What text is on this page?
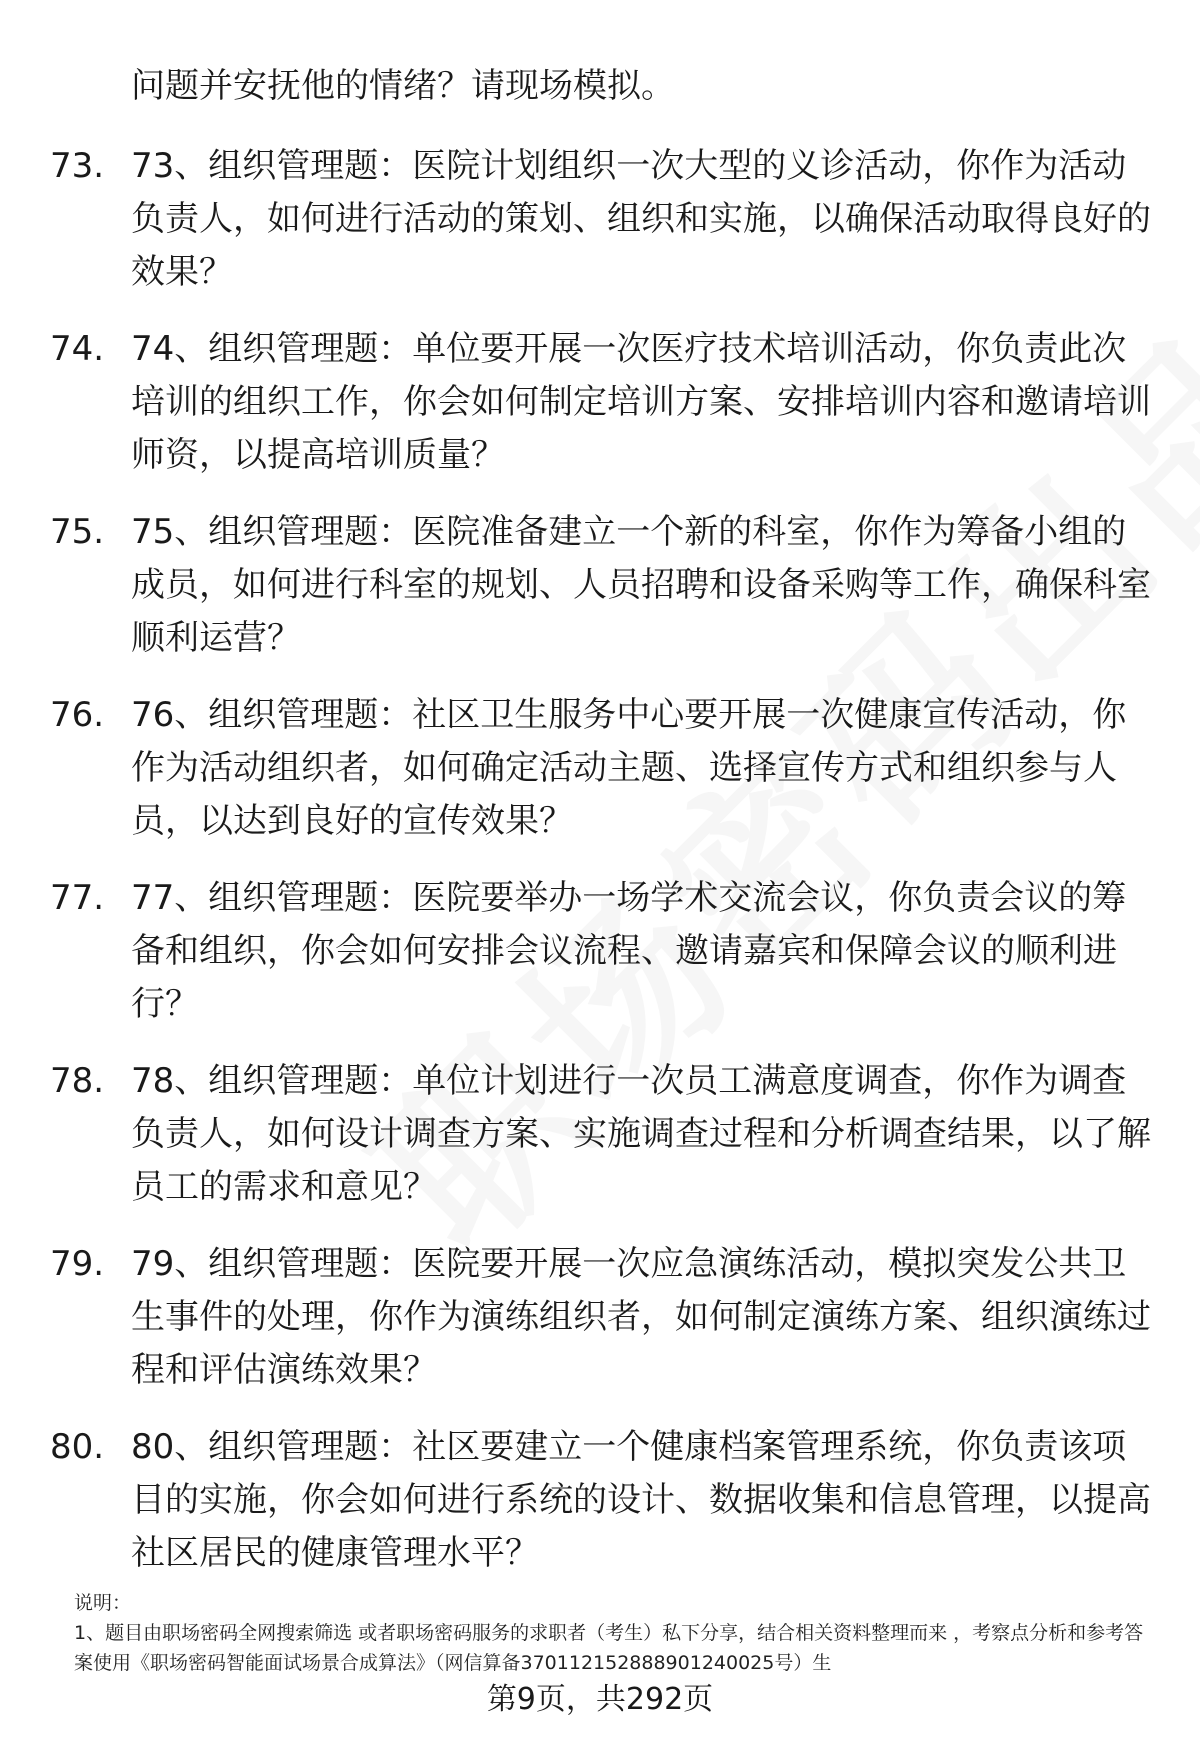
问题并安抚他的情绪？请现场模拟。
73. 73、组织管理题：医院计划组织一次大型的义诊活动，你作为活动负责人，如何进行活动的策划、组织和实施，以确保活动取得良好的效果？
74. 74、组织管理题：单位要开展一次医疗技术培训活动，你负责此次培训的组织工作，你会如何制定培训方案、安排培训内容和邀请培训师资，以提高培训质量？
75. 75、组织管理题：医院准备建立一个新的科室，你作为筹备小组的成员，如何进行科室的规划、人员招聘和设备采购等工作，确保科室顺利运营？
76. 76、组织管理题：社区卫生服务中心要开展一次健康宣传活动，你作为活动组织者，如何确定活动主题、选择宣传方式和组织参与人员，以达到良好的宣传效果？
77. 77、组织管理题：医院要举办一场学术交流会议，你负责会议的筹备和组织，你会如何安排会议流程、邀请嘉宾和保障会议的顺利进行？
78. 78、组织管理题：单位计划进行一次员工满意度调查，你作为调查负责人，如何设计调查方案、实施调查过程和分析调查结果，以了解员工的需求和意见？
79. 79、组织管理题：医院要开展一次应急演练活动，模拟突发公共卫生事件的处理，你作为演练组织者，如何制定演练方案、组织演练过程和评估演练效果？
80. 80、组织管理题：社区要建立一个健康档案管理系统，你负责该项目的实施，你会如何进行系统的设计、数据收集和信息管理，以提高社区居民的健康管理水平？
说明：
1、题目由职场密码全网搜索筛选 或者职场密码服务的求职者（考生）私下分享，结合相关资料整理而来 ，考察点分析和参考答案使用《职场密码智能面试场景合成算法》（网信算备370112152888901240025号）生
第9页，共292页
